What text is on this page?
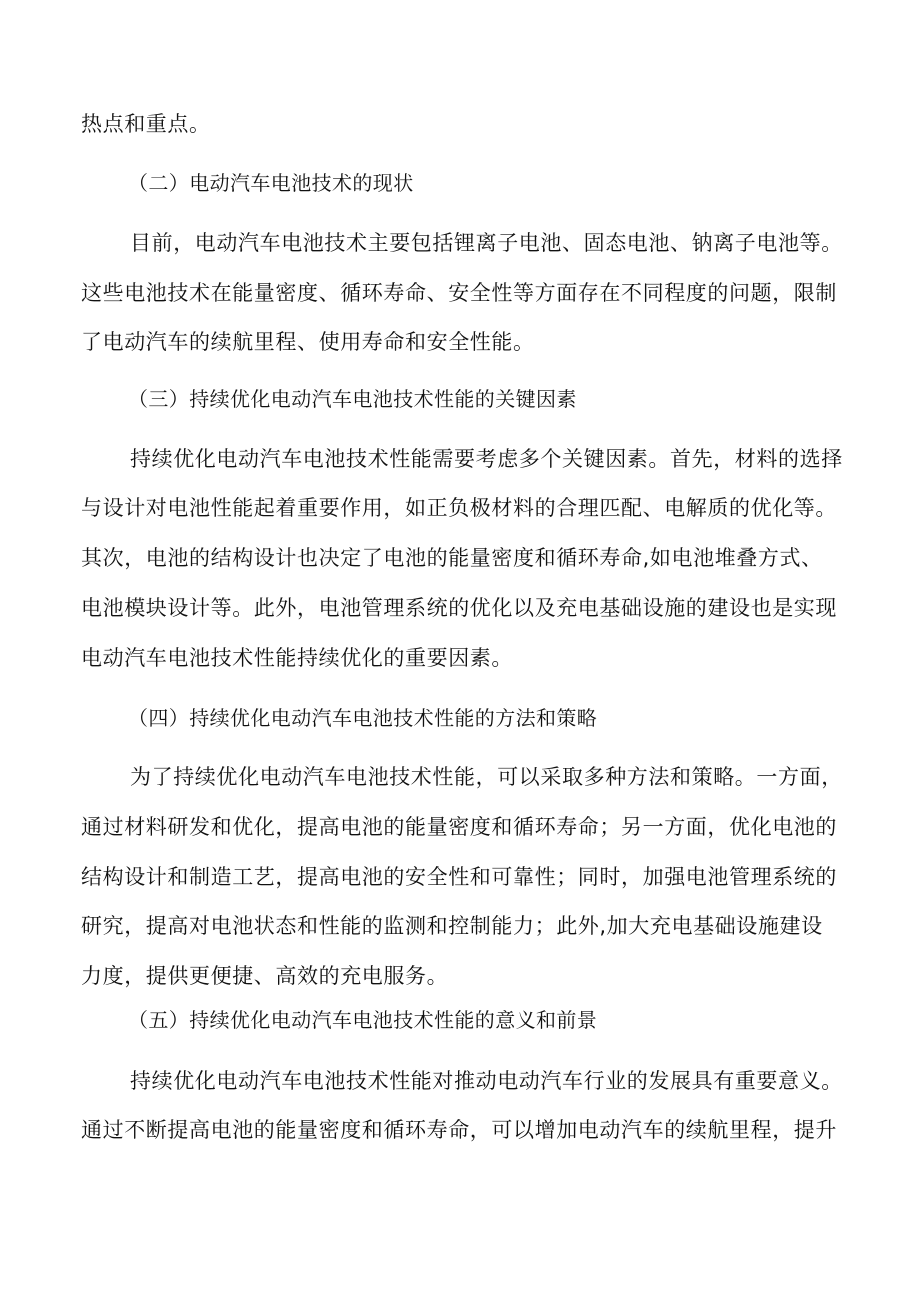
热点和重点。
（二）电动汽车电池技术的现状
目前，电动汽车电池技术主要包括锂离子电池、固态电池、钠离子电池等。
这些电池技术在能量密度、循环寿命、安全性等方面存在不同程度的问题，限制
了电动汽车的续航里程、使用寿命和安全性能。
（三）持续优化电动汽车电池技术性能的关键因素
持续优化电动汽车电池技术性能需要考虑多个关键因素。首先，材料的选择
与设计对电池性能起着重要作用，如正负极材料的合理匹配、电解质的优化等。
其次，电池的结构设计也决定了电池的能量密度和循环寿命,如电池堆叠方式、
电池模块设计等。此外，电池管理系统的优化以及充电基础设施的建设也是实现
电动汽车电池技术性能持续优化的重要因素。
（四）持续优化电动汽车电池技术性能的方法和策略
为了持续优化电动汽车电池技术性能，可以采取多种方法和策略。一方面，
通过材料研发和优化，提高电池的能量密度和循环寿命；另一方面，优化电池的
结构设计和制造工艺，提高电池的安全性和可靠性；同时，加强电池管理系统的
研究，提高对电池状态和性能的监测和控制能力；此外,加大充电基础设施建设
力度，提供更便捷、高效的充电服务。
（五）持续优化电动汽车电池技术性能的意义和前景
持续优化电动汽车电池技术性能对推动电动汽车行业的发展具有重要意义。
通过不断提高电池的能量密度和循环寿命，可以增加电动汽车的续航里程，提升
